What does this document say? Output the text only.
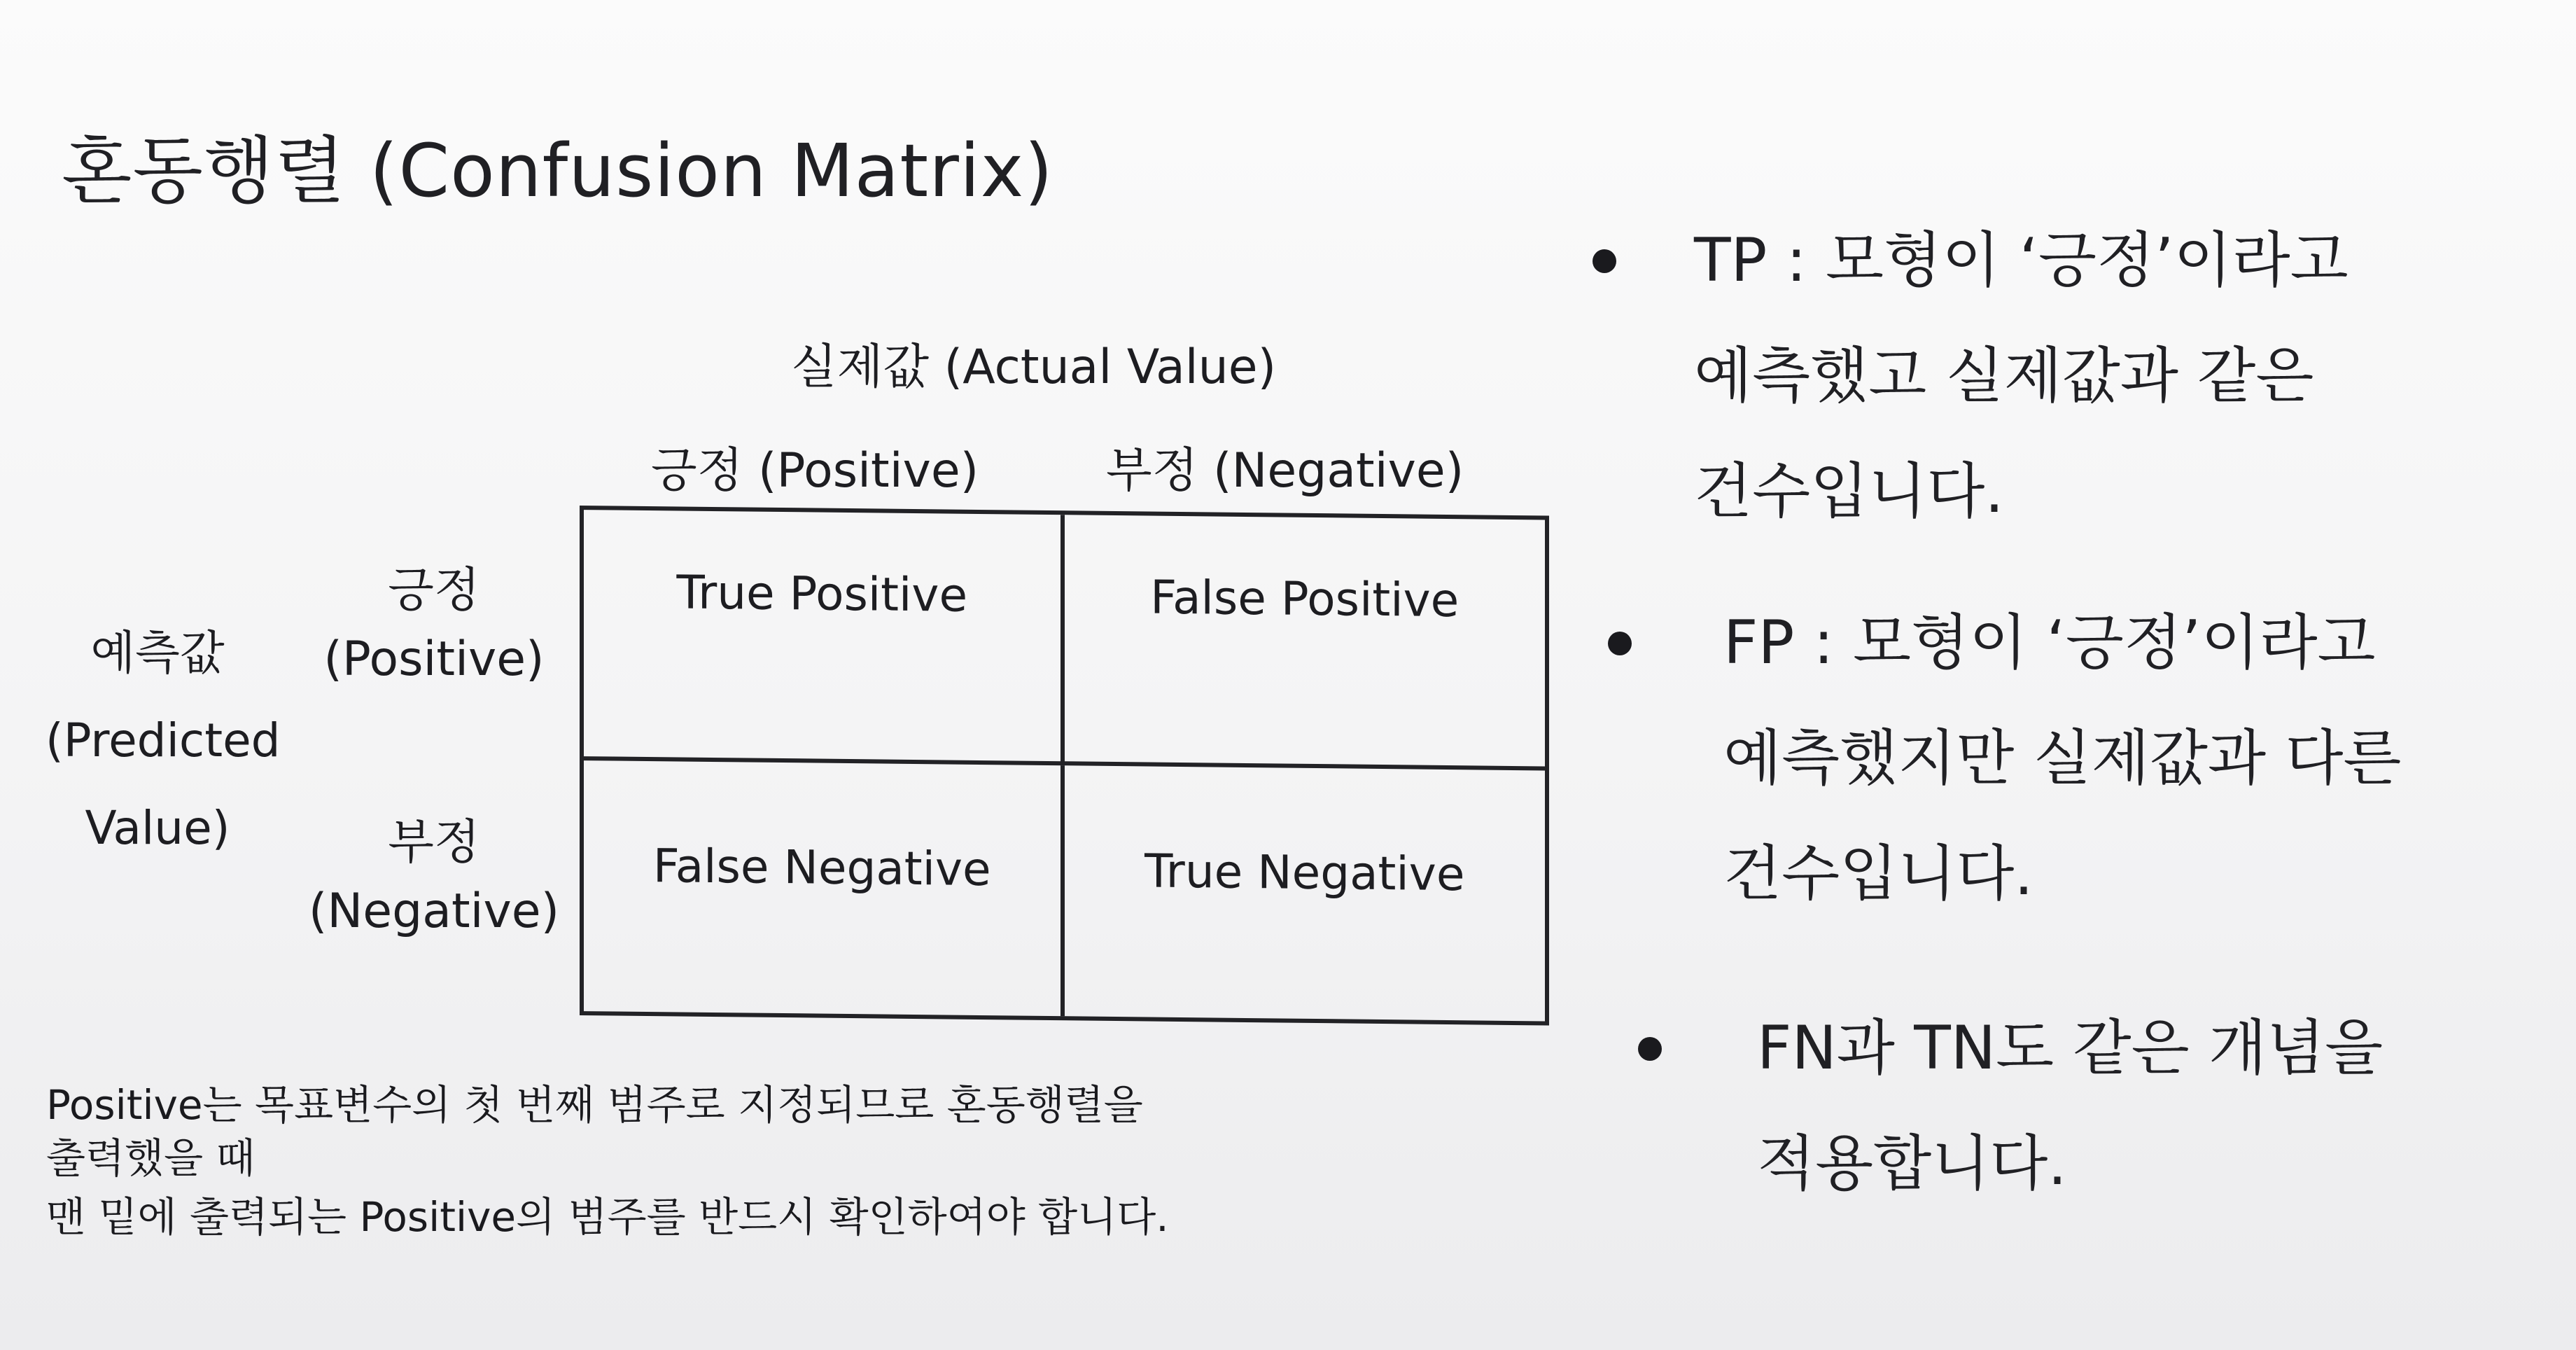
혼동행렬 (Confusion Matrix)
실제값 (Actual Value)
긍정 (Positive)	부정 (Negative)
예측값
(Predicted
Value)
긍정
(Positive)
부정
(Negative)
True Positive	False Positive
False Negative	True Negative

Positive는 목표변수의 첫 번째 범주로 지정되므로 혼동행렬을

출력했을 때

맨 밑에 출력되는 Positive의 범주를 반드시 확인하여야 합니다.

TP : 모형이 ‘긍정’이라고
예측했고 실제값과 같은
건수입니다.
FP : 모형이 ‘긍정’이라고
예측했지만 실제값과 다른
건수입니다.
FN과 TN도 같은 개념을
적용합니다.
